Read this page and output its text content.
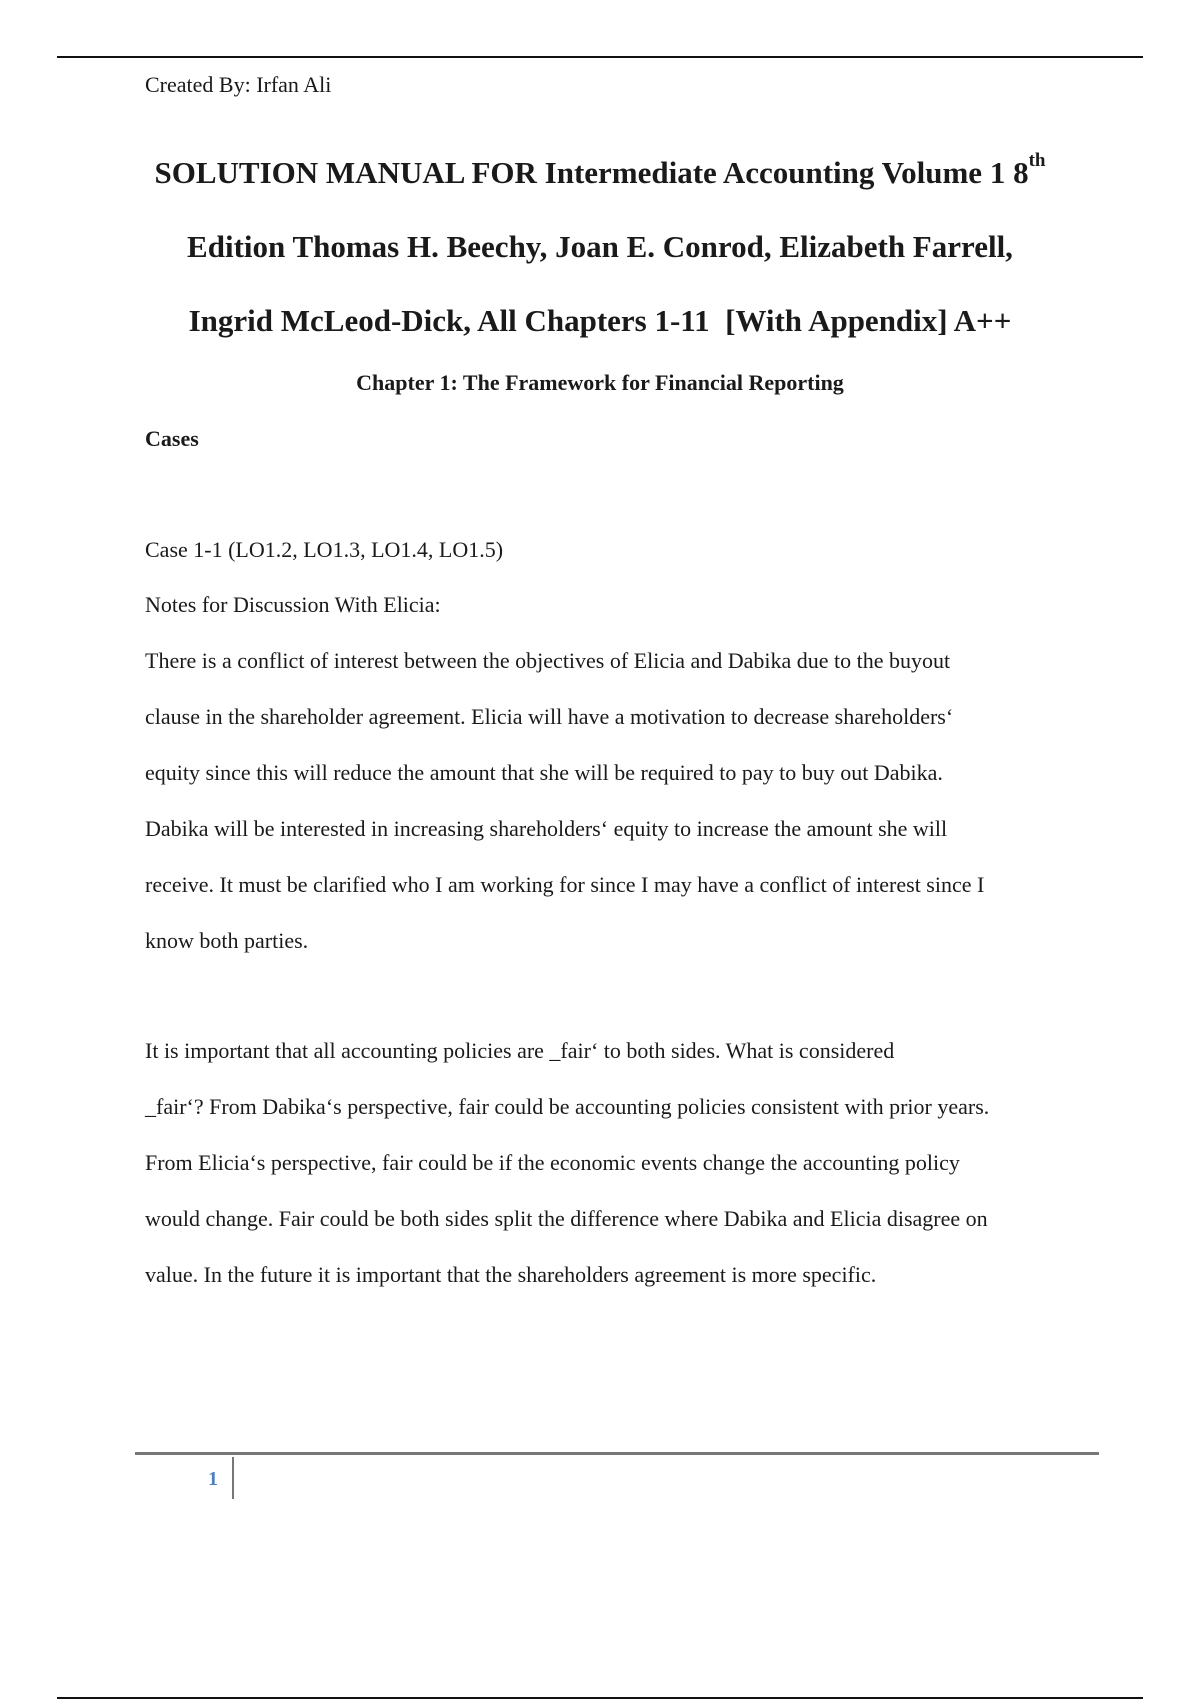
Created By: Irfan Ali
SOLUTION MANUAL FOR Intermediate Accounting Volume 1 8th
Edition Thomas H. Beechy, Joan E. Conrod, Elizabeth Farrell,
Ingrid McLeod-Dick, All Chapters 1-11  [With Appendix] A++
Chapter 1: The Framework for Financial Reporting
Cases
Case 1-1 (LO1.2, LO1.3, LO1.4, LO1.5)
Notes for Discussion With Elicia:

There is a conflict of interest between the objectives of Elicia and Dabika due to the buyout
clause in the shareholder agreement. Elicia will have a motivation to decrease shareholders‘
equity since this will reduce the amount that she will be required to pay to buy out Dabika.
Dabika will be interested in increasing shareholders‘ equity to increase the amount she will
receive. It must be clarified who I am working for since I may have a conflict of interest since I
know both parties.

It is important that all accounting policies are _fair‘ to both sides. What is considered
_fair‘? From Dabika‘s perspective, fair could be accounting policies consistent with prior years.
From Elicia‘s perspective, fair could be if the economic events change the accounting policy
would change. Fair could be both sides split the difference where Dabika and Elicia disagree on
value. In the future it is important that the shareholders agreement is more specific.

1
